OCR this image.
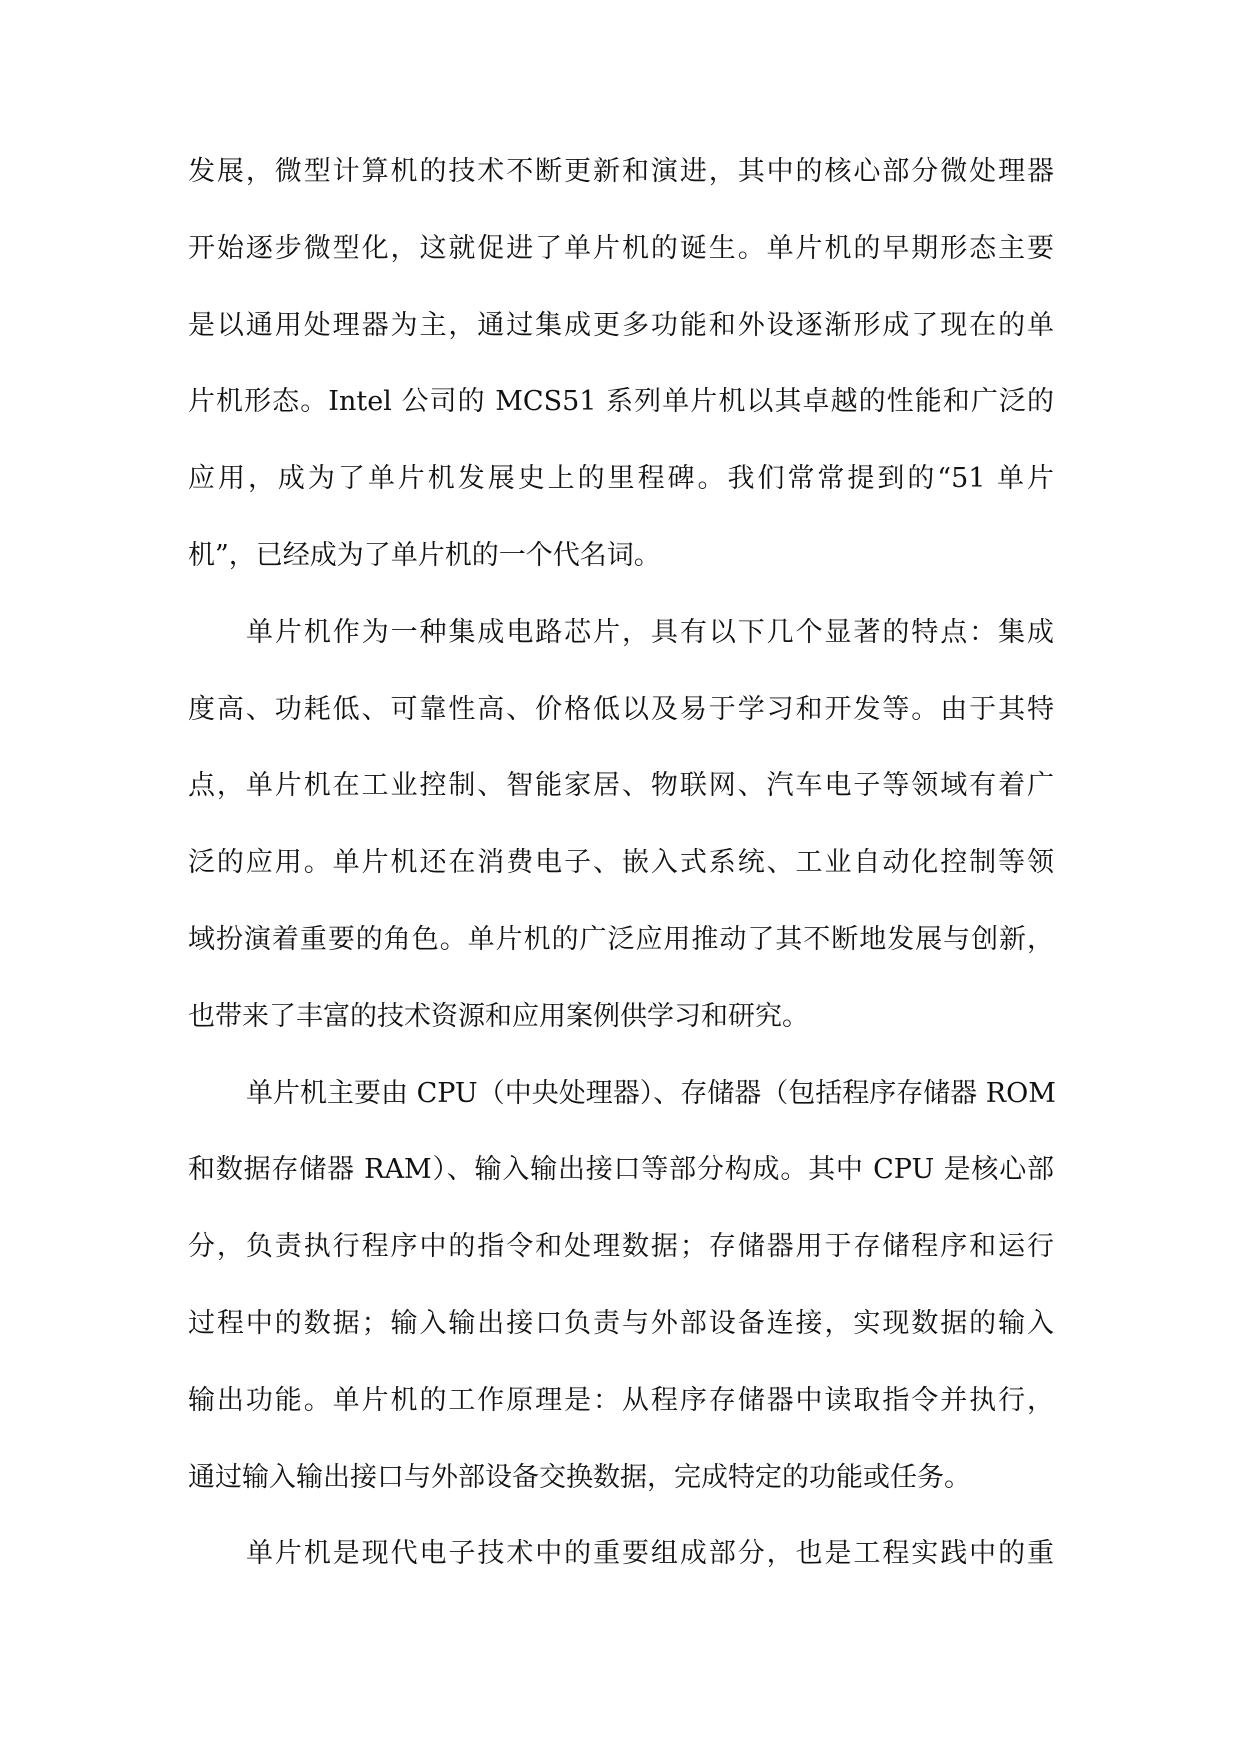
发展，微型计算机的技术不断更新和演进，其中的核心部分微处理器
开始逐步微型化，这就促进了单片机的诞生。单片机的早期形态主要
是以通用处理器为主，通过集成更多功能和外设逐渐形成了现在的单
片机形态。Intel 公司的 MCS51 系列单片机以其卓越的性能和广泛的
应用，成为了单片机发展史上的里程碑。我们常常提到的“51 单片
机”，已经成为了单片机的一个代名词。
单片机作为一种集成电路芯片，具有以下几个显著的特点：集成
度高、功耗低、可靠性高、价格低以及易于学习和开发等。由于其特
点，单片机在工业控制、智能家居、物联网、汽车电子等领域有着广
泛的应用。单片机还在消费电子、嵌入式系统、工业自动化控制等领
域扮演着重要的角色。单片机的广泛应用推动了其不断地发展与创新，
也带来了丰富的技术资源和应用案例供学习和研究。
单片机主要由 CPU（中央处理器）、存储器（包括程序存储器 ROM
和数据存储器 RAM）、输入输出接口等部分构成。其中 CPU 是核心部
分，负责执行程序中的指令和处理数据；存储器用于存储程序和运行
过程中的数据；输入输出接口负责与外部设备连接，实现数据的输入
输出功能。单片机的工作原理是：从程序存储器中读取指令并执行，
通过输入输出接口与外部设备交换数据，完成特定的功能或任务。
单片机是现代电子技术中的重要组成部分，也是工程实践中的重
